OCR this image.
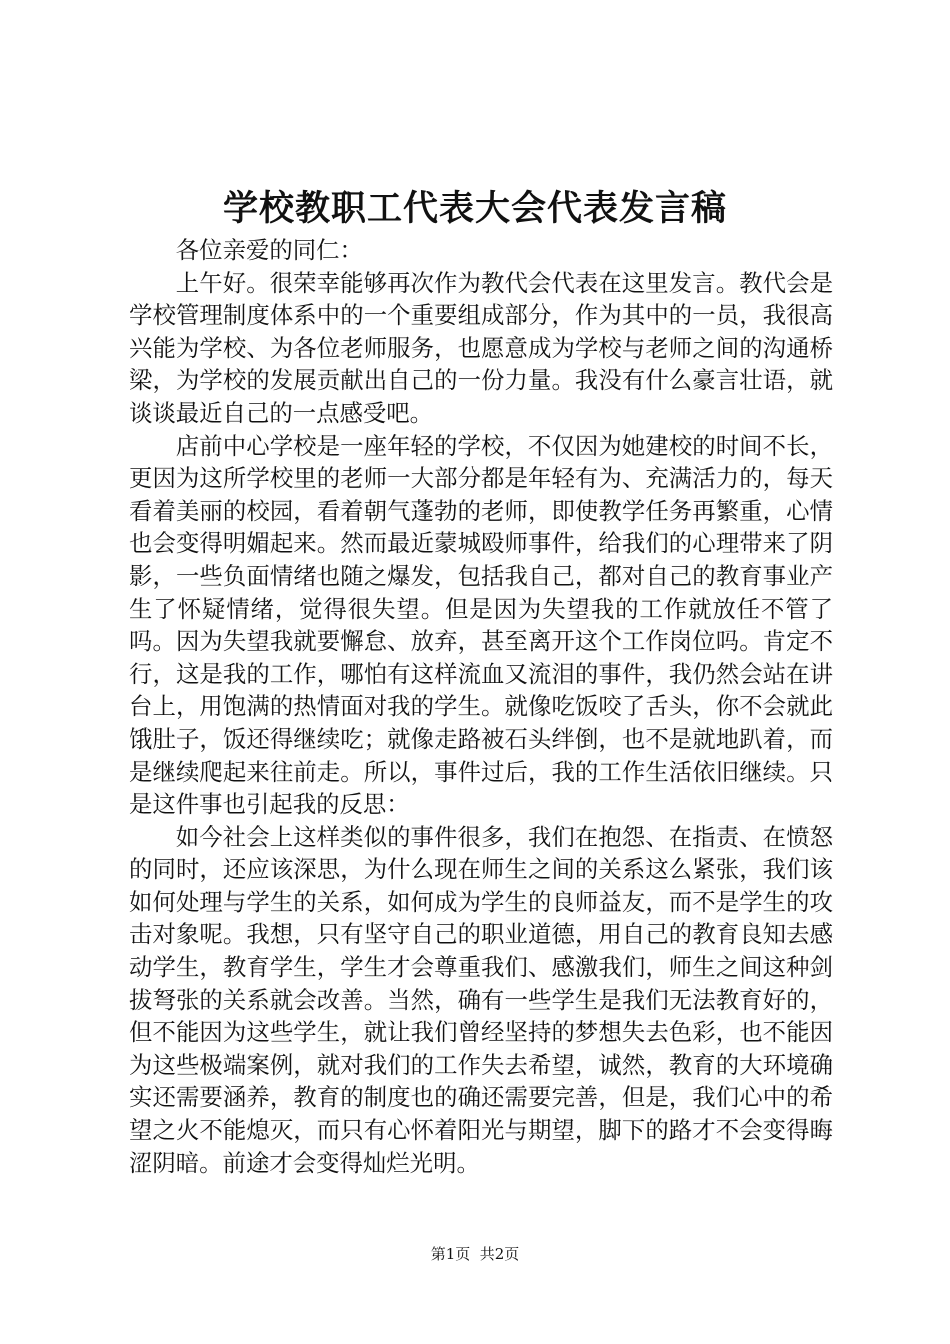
学校教职工代表大会代表发言稿

各位亲爱的同仁：

上午好。很荣幸能够再次作为教代会代表在这里发言。教代会是学校管理制度体系中的一个重要组成部分，作为其中的一员，我很高兴能为学校、为各位老师服务，也愿意成为学校与老师之间的沟通桥梁，为学校的发展贡献出自己的一份力量。我没有什么豪言壮语，就谈谈最近自己的一点感受吧。

店前中心学校是一座年轻的学校，不仅因为她建校的时间不长，更因为这所学校里的老师一大部分都是年轻有为、充满活力的，每天看着美丽的校园，看着朝气蓬勃的老师，即使教学任务再繁重，心情也会变得明媚起来。然而最近蒙城殴师事件，给我们的心理带来了阴影，一些负面情绪也随之爆发，包括我自己，都对自己的教育事业产生了怀疑情绪，觉得很失望。但是因为失望我的工作就放任不管了吗。因为失望我就要懈怠、放弃，甚至离开这个工作岗位吗。肯定不行，这是我的工作，哪怕有这样流血又流泪的事件，我仍然会站在讲台上，用饱满的热情面对我的学生。就像吃饭咬了舌头，你不会就此饿肚子，饭还得继续吃；就像走路被石头绊倒，也不是就地趴着，而是继续爬起来往前走。所以，事件过后，我的工作生活依旧继续。只是这件事也引起我的反思：

如今社会上这样类似的事件很多，我们在抱怨、在指责、在愤怒的同时，还应该深思，为什么现在师生之间的关系这么紧张，我们该如何处理与学生的关系，如何成为学生的良师益友，而不是学生的攻击对象呢。我想，只有坚守自己的职业道德，用自己的教育良知去感动学生，教育学生，学生才会尊重我们、感激我们，师生之间这种剑拔弩张的关系就会改善。当然，确有一些学生是我们无法教育好的，但不能因为这些学生，就让我们曾经坚持的梦想失去色彩，也不能因为这些极端案例，就对我们的工作失去希望，诚然，教育的大环境确实还需要涵养，教育的制度也的确还需要完善，但是，我们心中的希望之火不能熄灭，而只有心怀着阳光与期望，脚下的路才不会变得晦涩阴暗。前途才会变得灿烂光明。

第1页  共2页
